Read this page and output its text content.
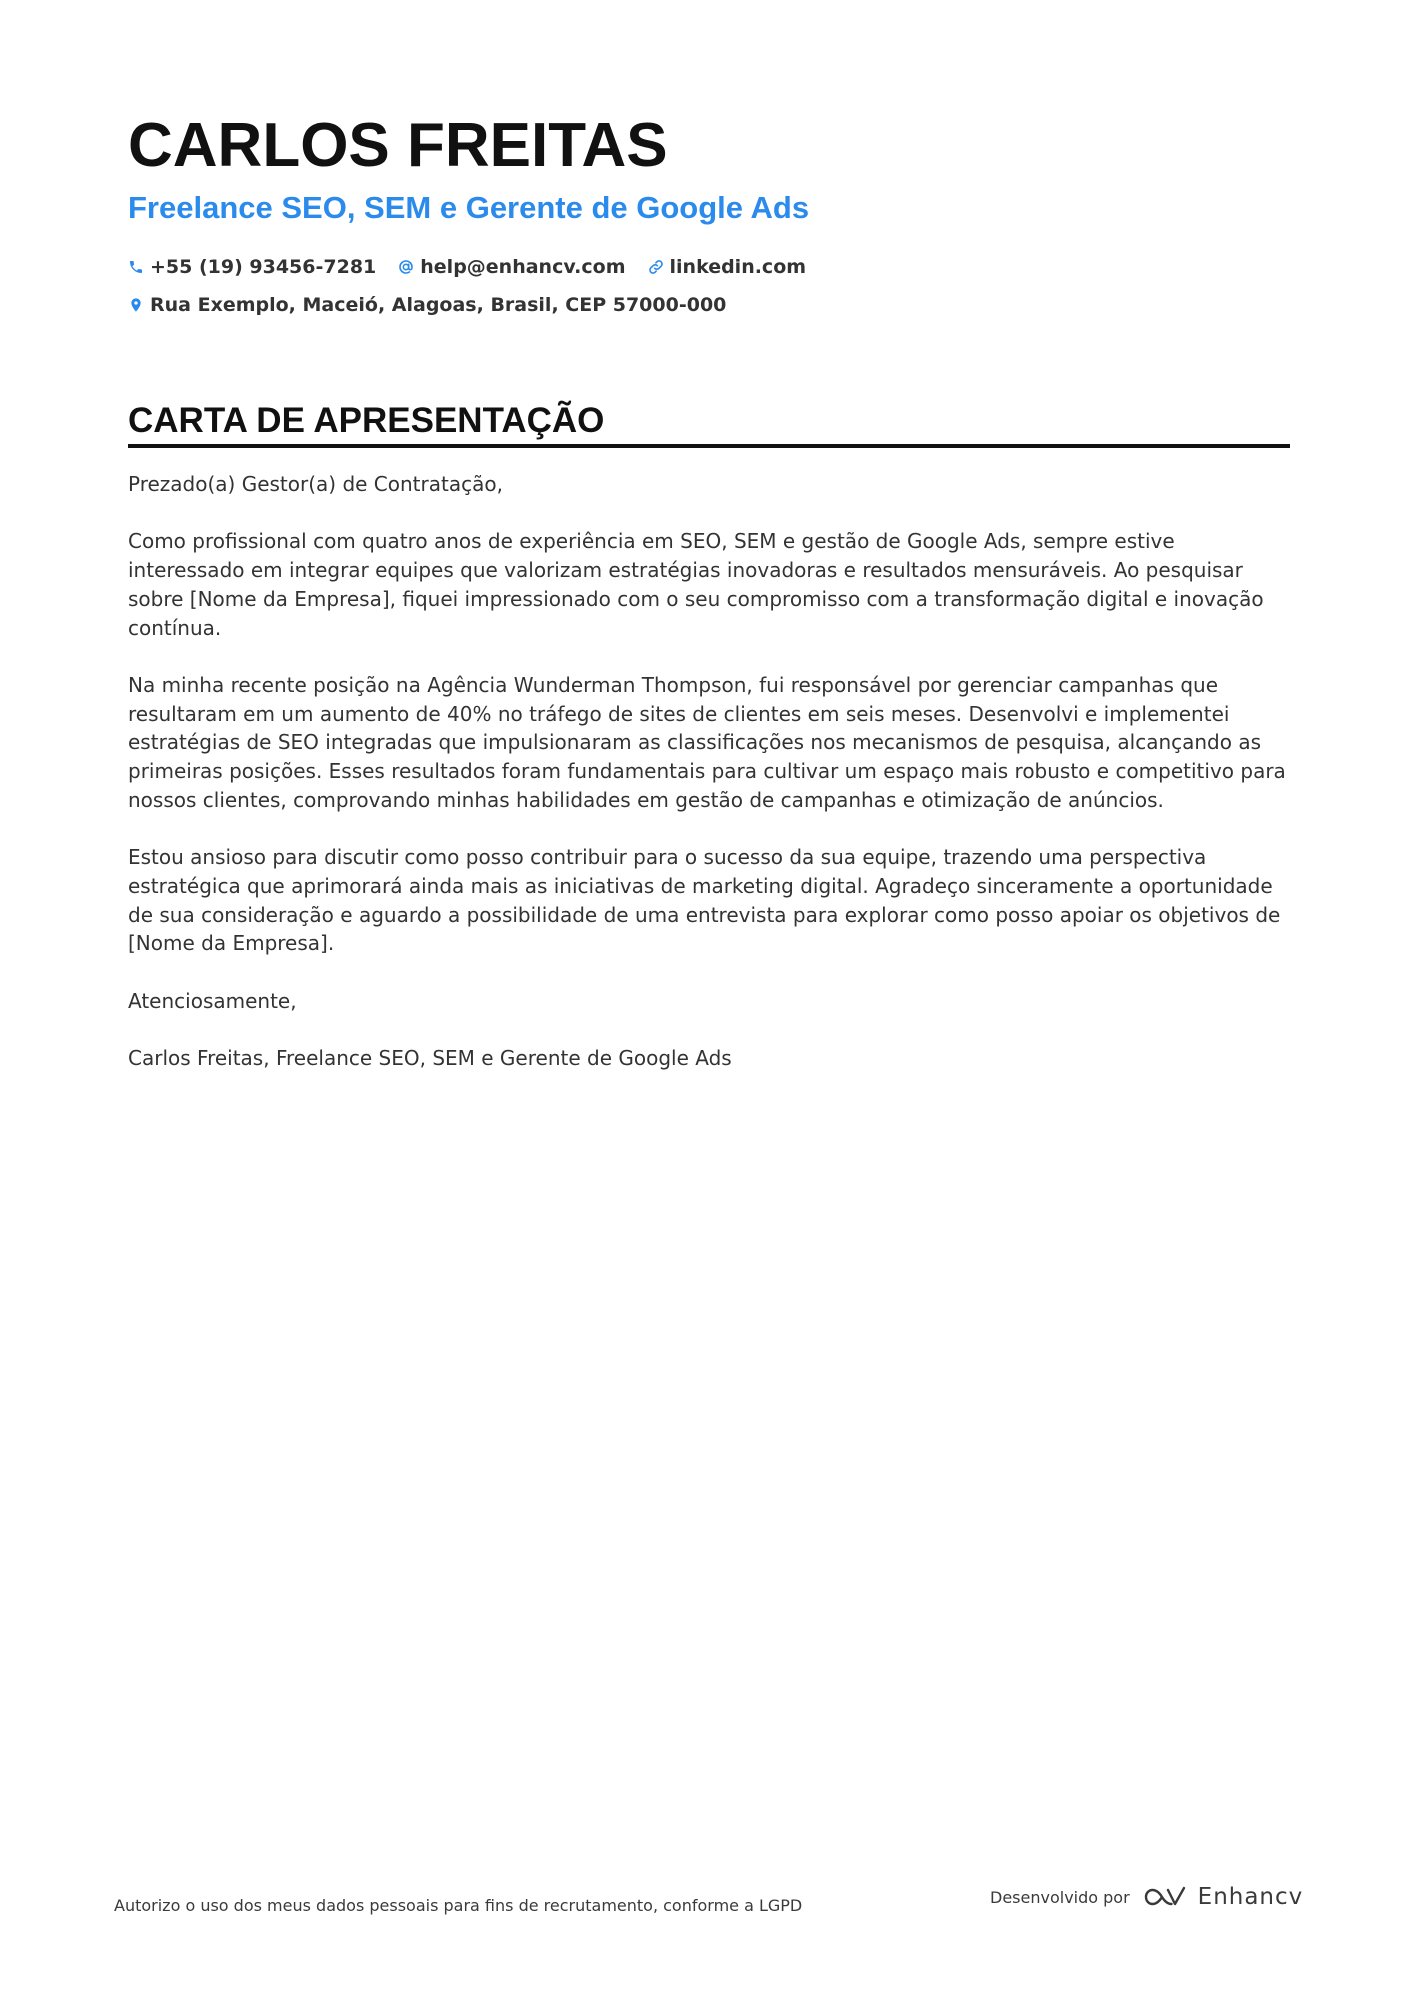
CARLOS FREITAS
Freelance SEO, SEM e Gerente de Google Ads
+55 (19) 93456-7281 help@enhancv.com linkedin.com
Rua Exemplo, Maceió, Alagoas, Brasil, CEP 57000-000
CARTA DE APRESENTAÇÃO

Prezado(a) Gestor(a) de Contratação,

Como profissional com quatro anos de experiência em SEO, SEM e gestão de Google Ads, sempre estive interessado em integrar equipes que valorizam estratégias inovadoras e resultados mensuráveis. Ao pesquisar sobre [Nome da Empresa], fiquei impressionado com o seu compromisso com a transformação digital e inovação contínua.

Na minha recente posição na Agência Wunderman Thompson, fui responsável por gerenciar campanhas que resultaram em um aumento de 40% no tráfego de sites de clientes em seis meses. Desenvolvi e implementei estratégias de SEO integradas que impulsionaram as classificações nos mecanismos de pesquisa, alcançando as primeiras posições. Esses resultados foram fundamentais para cultivar um espaço mais robusto e competitivo para nossos clientes, comprovando minhas habilidades em gestão de campanhas e otimização de anúncios.

Estou ansioso para discutir como posso contribuir para o sucesso da sua equipe, trazendo uma perspectiva estratégica que aprimorará ainda mais as iniciativas de marketing digital. Agradeço sinceramente a oportunidade de sua consideração e aguardo a possibilidade de uma entrevista para explorar como posso apoiar os objetivos de [Nome da Empresa].

Atenciosamente,

Carlos Freitas, Freelance SEO, SEM e Gerente de Google Ads

Autorizo o uso dos meus dados pessoais para fins de recrutamento, conforme a LGPD	Desenvolvido por	Enhancv
